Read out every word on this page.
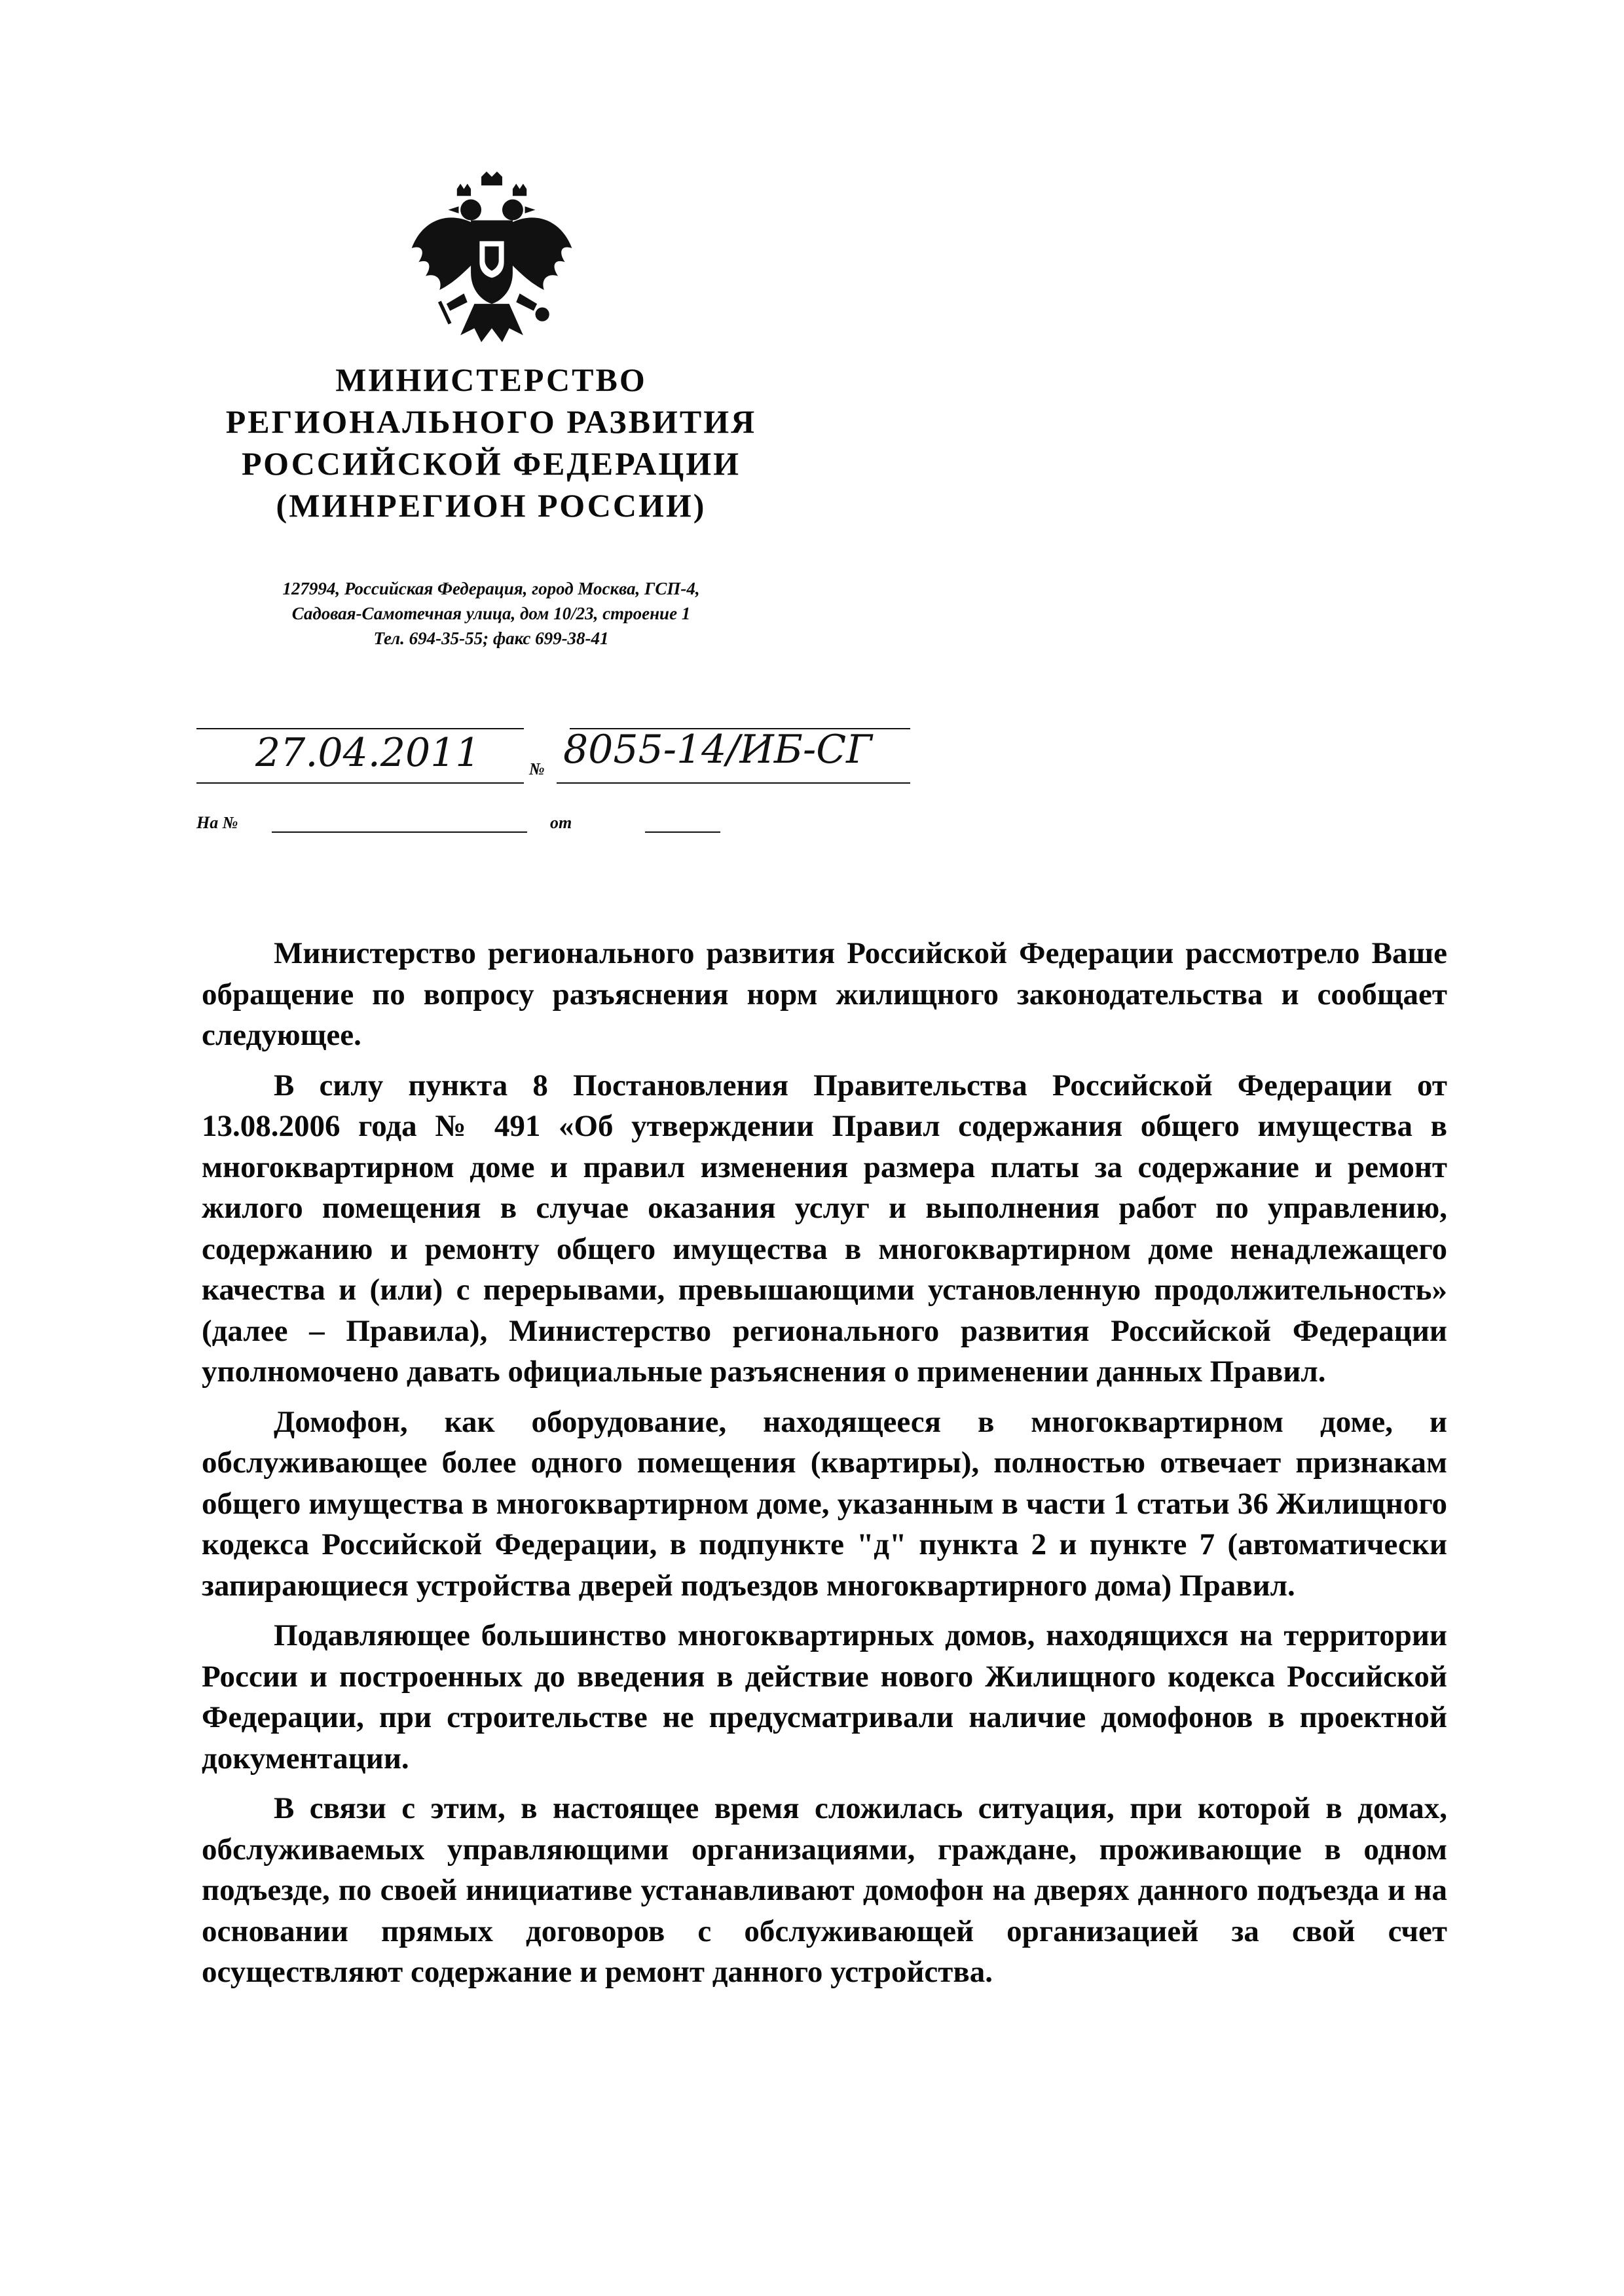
МИНИСТЕРСТВО
РЕГИОНАЛЬНОГО РАЗВИТИЯ
РОССИЙСКОЙ ФЕДЕРАЦИИ
(МИНРЕГИОН РОССИИ)
127994, Российская Федерация, город Москва, ГСП-4,
Садовая-Самотечная улица, дом 10/23, строение 1
Тел. 694-35-55; факс 699-38-41
27.04.2011	№ 8055-14/ИБ-СГ
На №	от

Министерство регионального развития Российской Федерации рассмотрело Ваше обращение по вопросу разъяснения норм жилищного законодательства и сообщает следующее.

В силу пункта 8 Постановления Правительства Российской Федерации от 13.08.2006 года № 491 «Об утверждении Правил содержания общего имущества в многоквартирном доме и правил изменения размера платы за содержание и ремонт жилого помещения в случае оказания услуг и выполнения работ по управлению, содержанию и ремонту общего имущества в многоквартирном доме ненадлежащего качества и (или) с перерывами, превышающими установленную продолжительность» (далее – Правила), Министерство регионального развития Российской Федерации уполномочено давать официальные разъяснения о применении данных Правил.

Домофон, как оборудование, находящееся в многоквартирном доме, и обслуживающее более одного помещения (квартиры), полностью отвечает признакам общего имущества в многоквартирном доме, указанным в части 1 статьи 36 Жилищного кодекса Российской Федерации, в подпункте "д" пункта 2 и пункте 7 (автоматически запирающиеся устройства дверей подъездов многоквартирного дома) Правил.

Подавляющее большинство многоквартирных домов, находящихся на территории России и построенных до введения в действие нового Жилищного кодекса Российской Федерации, при строительстве не предусматривали наличие домофонов в проектной документации.

В связи с этим, в настоящее время сложилась ситуация, при которой в домах, обслуживаемых управляющими организациями, граждане, проживающие в одном подъезде, по своей инициативе устанавливают домофон на дверях данного подъезда и на основании прямых договоров с обслуживающей организацией за свой счет осуществляют содержание и ремонт данного устройства.
